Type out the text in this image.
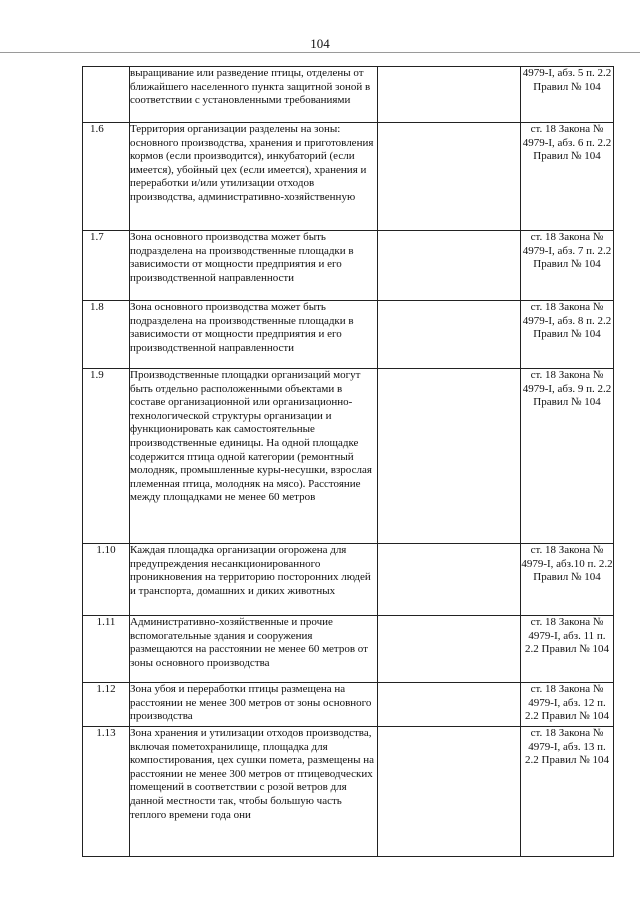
104
	выращивание или разведение птицы, отделены от ближайшего населенного пункта защитной зоной в соответствии с установленными требованиями		4979-I, абз. 5 п. 2.2 Правил № 104
1.6	Территория организации разделены на зоны: основного производства, хранения и приготовления кормов (если производится), инкубаторий (если имеется), убойный цех (если имеется), хранения и переработки и/или утилизации отходов производства, административно-хозяйственную		ст. 18 Закона № 4979-I, абз. 6 п. 2.2 Правил № 104
1.7	Зона основного производства может быть подразделена на производственные площадки в зависимости от мощности предприятия и его производственной направленности		ст. 18 Закона № 4979-I, абз. 7 п. 2.2 Правил № 104
1.8	Зона основного производства может быть подразделена на производственные площадки в зависимости от мощности предприятия и его производственной направленности		ст. 18 Закона № 4979-I, абз. 8 п. 2.2 Правил № 104
1.9	Производственные площадки организаций могут быть отдельно расположенными объектами в составе организационной или организационно-технологической структуры организации и функционировать как самостоятельные производственные единицы. На одной площадке содержится птица одной категории (ремонтный молодняк, промышленные куры-несушки, взрослая племенная птица, молодняк на мясо). Расстояние между площадками не менее 60 метров		ст. 18 Закона № 4979-I, абз. 9 п. 2.2 Правил № 104
1.10	Каждая площадка организации огорожена для предупреждения несанкционированного проникновения на территорию посторонних людей и транспорта, домашних и диких животных		ст. 18 Закона № 4979-I, абз.10 п. 2.2 Правил № 104
1.11	Административно-хозяйственные и прочие вспомогательные здания и сооружения размещаются на расстоянии не менее 60 метров от зоны основного производства		ст. 18 Закона № 4979-I, абз. 11 п. 2.2 Правил № 104
1.12	Зона убоя и переработки птицы размещена на расстоянии не менее 300 метров от зоны основного производства		ст. 18 Закона № 4979-I, абз. 12 п. 2.2 Правил № 104
1.13	Зона хранения и утилизации отходов производства, включая пометохранилище, площадка для компостирования, цех сушки помета, размещены на расстоянии не менее 300 метров от птицеводческих помещений в соответствии с розой ветров для данной местности так, чтобы большую часть теплого времени года они		ст. 18 Закона № 4979-I, абз. 13 п. 2.2 Правил № 104
